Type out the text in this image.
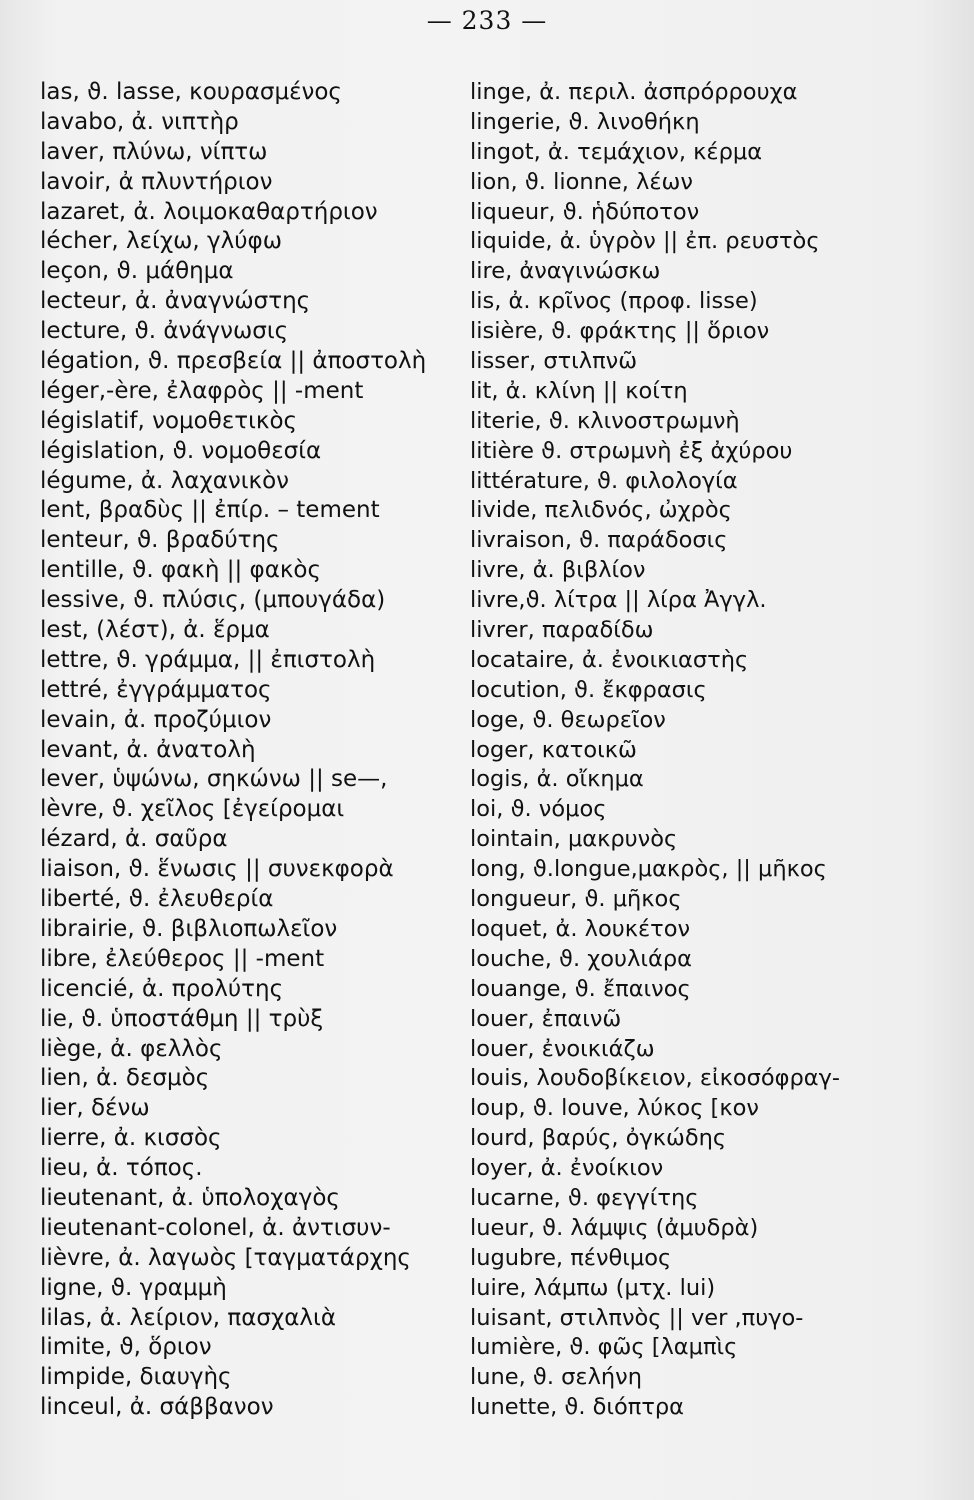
— 233 —
las, ϑ. lasse, κουρασμένος
lavabo, ἀ. νιπτὴρ
laver, πλύνω, νίπτω
lavoir, ἀ πλυντήριον
lazaret, ἀ. λοιμοκαθαρτήριον
lécher, λείχω, γλύφω
leçon, ϑ. μάθημα
lecteur, ἀ. ἀναγνώστης
lecture, ϑ. ἀνάγνωσις
légation, ϑ. πρεσβεία || ἀποστολὴ
léger,-ère, ἐλαφρὸς || -ment
législatif, νομοθετικὸς
législation, ϑ. νομοθεσία
légume, ἀ. λαχανικὸν
lent, βραδὺς || ἐπίρ. – tement
lenteur, ϑ. βραδύτης
lentille, ϑ. φακὴ || φακὸς
lessive, ϑ. πλύσις, (μπουγάδα)
lest, (λέστ), ἀ. ἕρμα
lettre, ϑ. γράμμα, || ἐπιστολὴ
lettré, ἐγγράμματος
levain, ἀ. προζύμιον
levant, ἀ. ἀνατολὴ
lever, ὑψώνω, σηκώνω || se—,
lèvre, ϑ. χεῖλος [ἐγείρομαι
lézard, ἀ. σαῦρα
liaison, ϑ. ἕνωσις || συνεκφορὰ
liberté, ϑ. ἐλευθερία
librairie, ϑ. βιβλιοπωλεῖον
libre, ἐλεύθερος || -ment
licencié, ἀ. προλύτης
lie, ϑ. ὑποστάθμη || τρὺξ
liège, ἀ. φελλὸς
lien, ἀ. δεσμὸς
lier, δένω
lierre, ἀ. κισσὸς
lieu, ἀ. τόπος.
lieutenant, ἀ. ὑπολοχαγὸς
lieutenant-colonel, ἀ. ἀντισυν-
lièvre, ἀ. λαγωὸς [ταγματάρχης
ligne, ϑ. γραμμὴ
lilas, ἀ. λείριον, πασχαλιὰ
limite, ϑ, ὅριον
limpide, διαυγὴς
linceul, ἀ. σάββανον
linge, ἀ. περιλ. ἀσπρόρρουχα
lingerie, ϑ. λινοθήκη
lingot, ἀ. τεμάχιον, κέρμα
lion, ϑ. lionne, λέων
liqueur, ϑ. ἡδύποτον
liquide, ἀ. ὑγρὸν || ἐπ. ρευστὸς
lire, ἀναγινώσκω
lis, ἀ. κρῖνος (προφ. lisse)
lisière, ϑ. φράκτης || ὅριον
lisser, στιλπνῶ
lit, ἀ. κλίνη || κοίτη
literie, ϑ. κλινοστρωμνὴ
litière ϑ. στρωμνὴ ἐξ ἀχύρου
littérature, ϑ. φιλολογία
livide, πελιδνός, ὠχρὸς
livraison, ϑ. παράδοσις
livre, ἀ. βιβλίον
livre,ϑ. λίτρα || λίρα Ἀγγλ.
livrer, παραδίδω
locataire, ἀ. ἐνοικιαστὴς
locution, ϑ. ἔκφρασις
loge, ϑ. θεωρεῖον
loger, κατοικῶ
logis, ἀ. οἴκημα
loi, ϑ. νόμος
lointain, μακρυνὸς
long, ϑ.longue,μακρὸς, || μῆκος
longueur, ϑ. μῆκος
loquet, ἀ. λουκέτον
louche, ϑ. χουλιάρα
louange, ϑ. ἔπαινος
louer, ἐπαινῶ
louer, ἐνοικιάζω
louis, λουδοβίκειον, εἰκοσόφραγ-
loup, ϑ. louve, λύκος [κον
lourd, βαρύς, ὀγκώδης
loyer, ἀ. ἐνοίκιον
lucarne, ϑ. φεγγίτης
lueur, ϑ. λάμψις (ἀμυδρὰ)
lugubre, πένθιμος
luire, λάμπω (μτχ. lui)
luisant, στιλπνὸς || ver ,πυγο-
lumière, ϑ. φῶς [λαμπὶς
lune, ϑ. σελήνη
lunette, ϑ. διόπτρα
